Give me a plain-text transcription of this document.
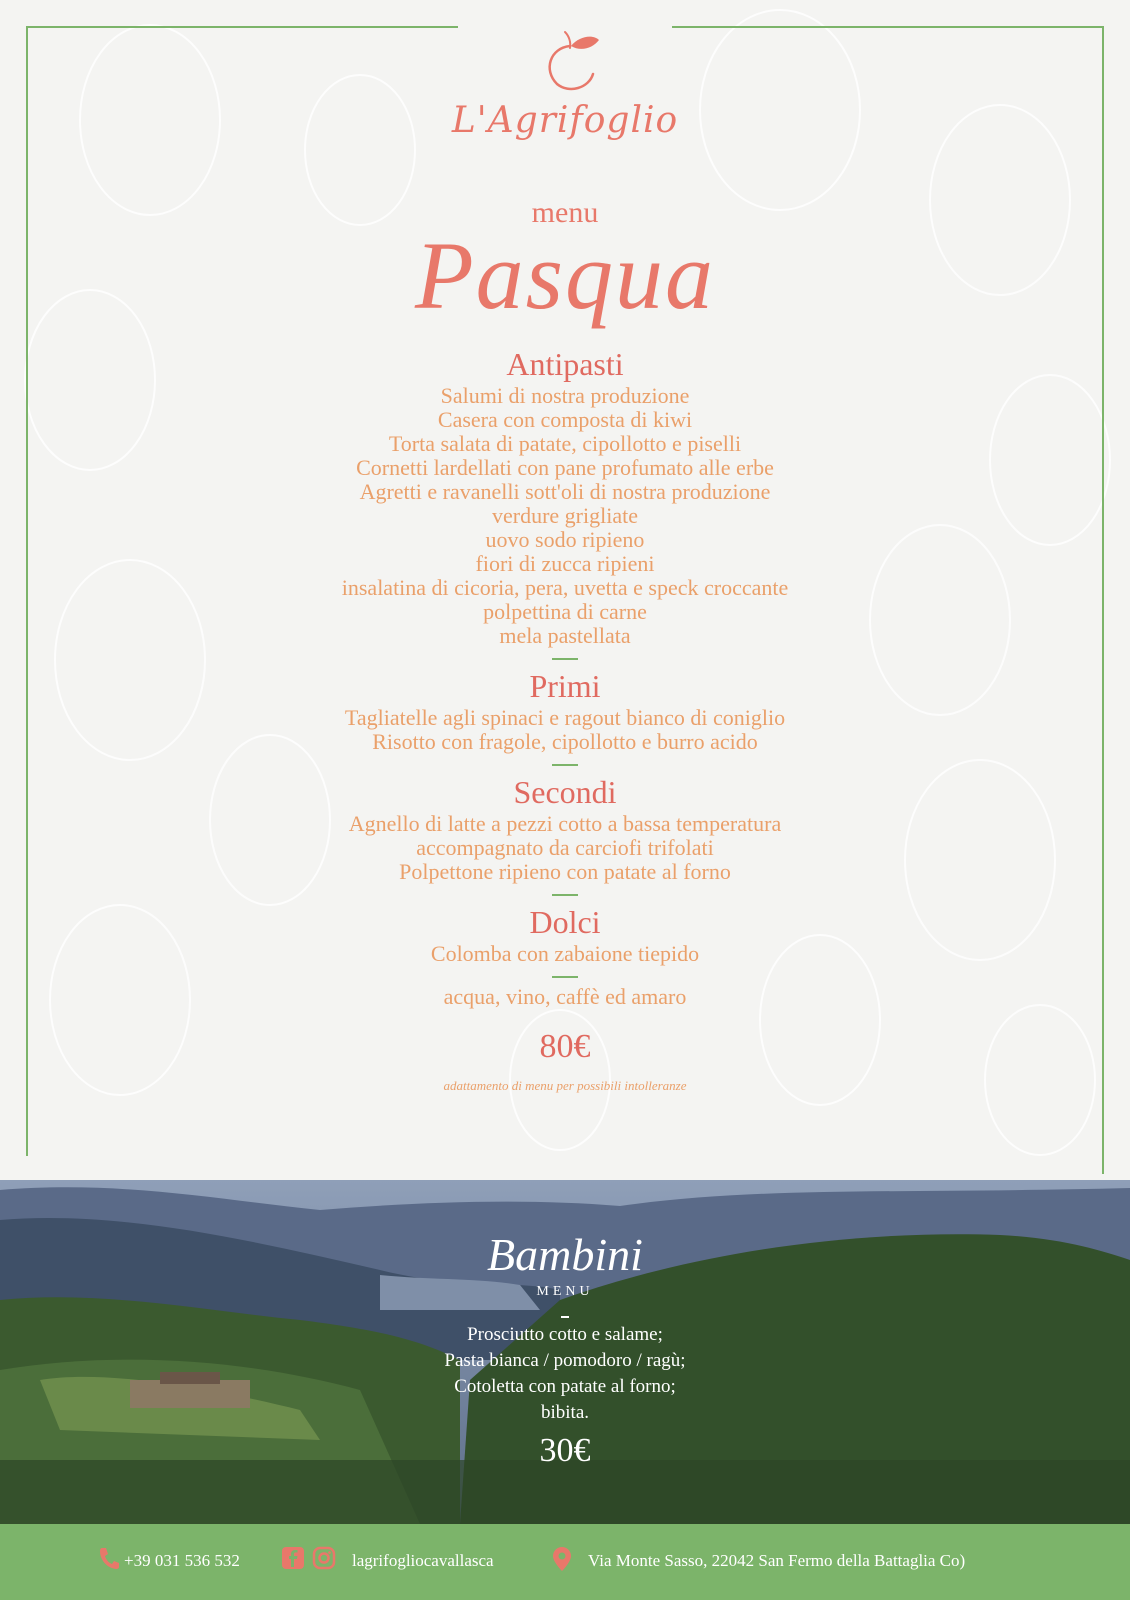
L'Agrifoglio
menu
Pasqua
Antipasti
Salumi di nostra produzione
Casera con composta di kiwi
Torta salata di patate, cipollotto e piselli
Cornetti lardellati con pane profumato alle erbe
Agretti e ravanelli sott'oli di nostra produzione
verdure grigliate
uovo sodo ripieno
fiori di zucca ripieni
insalatina di cicoria, pera, uvetta e speck croccante
polpettina di carne
mela pastellata
Primi
Tagliatelle agli spinaci e ragout bianco di coniglio
Risotto con fragole, cipollotto e burro acido
Secondi
Agnello di latte a pezzi cotto a bassa temperatura
accompagnato da carciofi trifolati
Polpettone ripieno con patate al forno
Dolci
Colomba con zabaione tiepido
acqua, vino, caffè ed amaro
80€
adattamento di menu per possibili intolleranze
Bambini
MENU
Prosciutto cotto e salame;
Pasta bianca / pomodoro / ragù;
Cotoletta con patate al forno;
bibita.
30€
+39 031 536 532	lagrifogliocavallasca	Via Monte Sasso, 22042 San Fermo della Battaglia Co)
